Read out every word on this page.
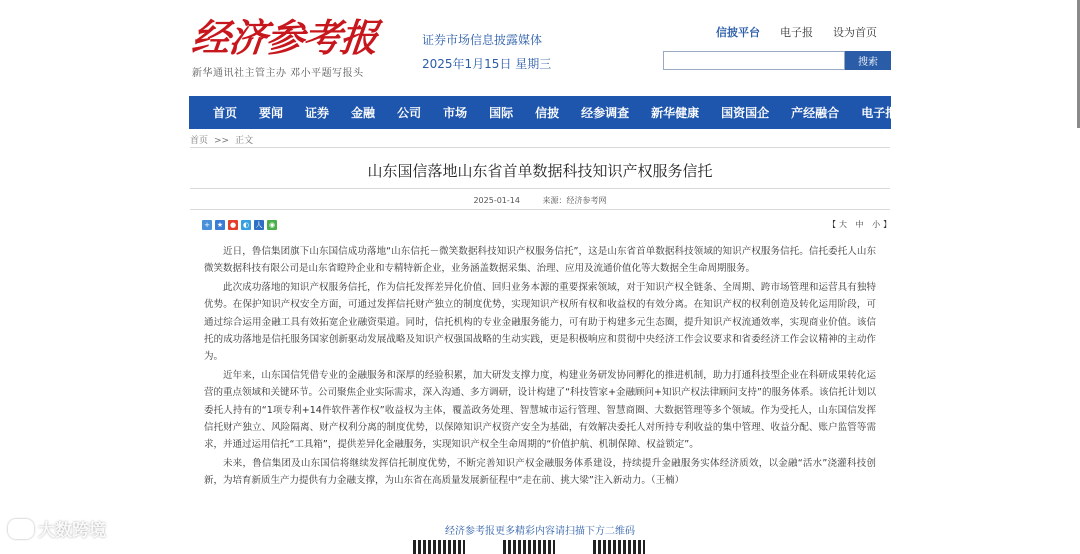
经济参考报
新华通讯社主管主办 邓小平题写报头
证券市场信息披露媒体
2025年1月15日 星期三
信披平台 电子报 设为首页
搜索
首页	要闻	证券	金融	公司	市场	国际	信披	经参调查	新华健康	国资国企	产经融合	电子报
首页 >> 正文
山东国信落地山东省首单数据科技知识产权服务信托
2025-01-14	来源：经济参考网
+ ★ ● ◐ 人 ◉	【大 中 小】

近日，鲁信集团旗下山东国信成功落地“山东信托－微笑数据科技知识产权服务信托”，这是山东省首单数据科技领域的知识产权服务信托。信托委托人山东微笑数据科技有限公司是山东省瞪羚企业和专精特新企业，业务涵盖数据采集、治理、应用及流通价值化等大数据全生命周期服务。

此次成功落地的知识产权服务信托，作为信托发挥差异化价值、回归业务本源的重要探索领域，对于知识产权全链条、全周期、跨市场管理和运营具有独特优势。在保护知识产权安全方面，可通过发挥信托财产独立的制度优势，实现知识产权所有权和收益权的有效分离。在知识产权的权利创造及转化运用阶段，可通过综合运用金融工具有效拓宽企业融资渠道。同时，信托机构的专业金融服务能力，可有助于构建多元生态圈，提升知识产权流通效率，实现商业价值。该信托的成功落地是信托服务国家创新驱动发展战略及知识产权强国战略的生动实践，更是积极响应和贯彻中央经济工作会议要求和省委经济工作会议精神的主动作为。

近年来，山东国信凭借专业的金融服务和深厚的经验积累，加大研发支撑力度，构建业务研发协同孵化的推进机制，助力打通科技型企业在科研成果转化运营的重点领域和关键环节。公司聚焦企业实际需求，深入沟通、多方调研，设计构建了“科技管家+金融顾问+知识产权法律顾问支持”的服务体系。该信托计划以委托人持有的“1项专利+14件软件著作权”收益权为主体，覆盖政务处理、智慧城市运行管理、智慧商圈、大数据管理等多个领域。作为受托人，山东国信发挥信托财产独立、风险隔离、财产权利分离的制度优势，以保障知识产权资产安全为基础，有效解决委托人对所持专利收益的集中管理、收益分配、账户监管等需求，并通过运用信托“工具箱”，提供差异化金融服务，实现知识产权全生命周期的“价值护航、机制保障、权益锁定”。

未来，鲁信集团及山东国信将继续发挥信托制度优势，不断完善知识产权金融服务体系建设，持续提升金融服务实体经济质效，以金融“活水”浇灌科技创新，为培育新质生产力提供有力金融支撑，为山东省在高质量发展新征程中“走在前、挑大梁”注入新动力。（王楠）

经济参考报更多精彩内容请扫描下方二维码
大数跨境
